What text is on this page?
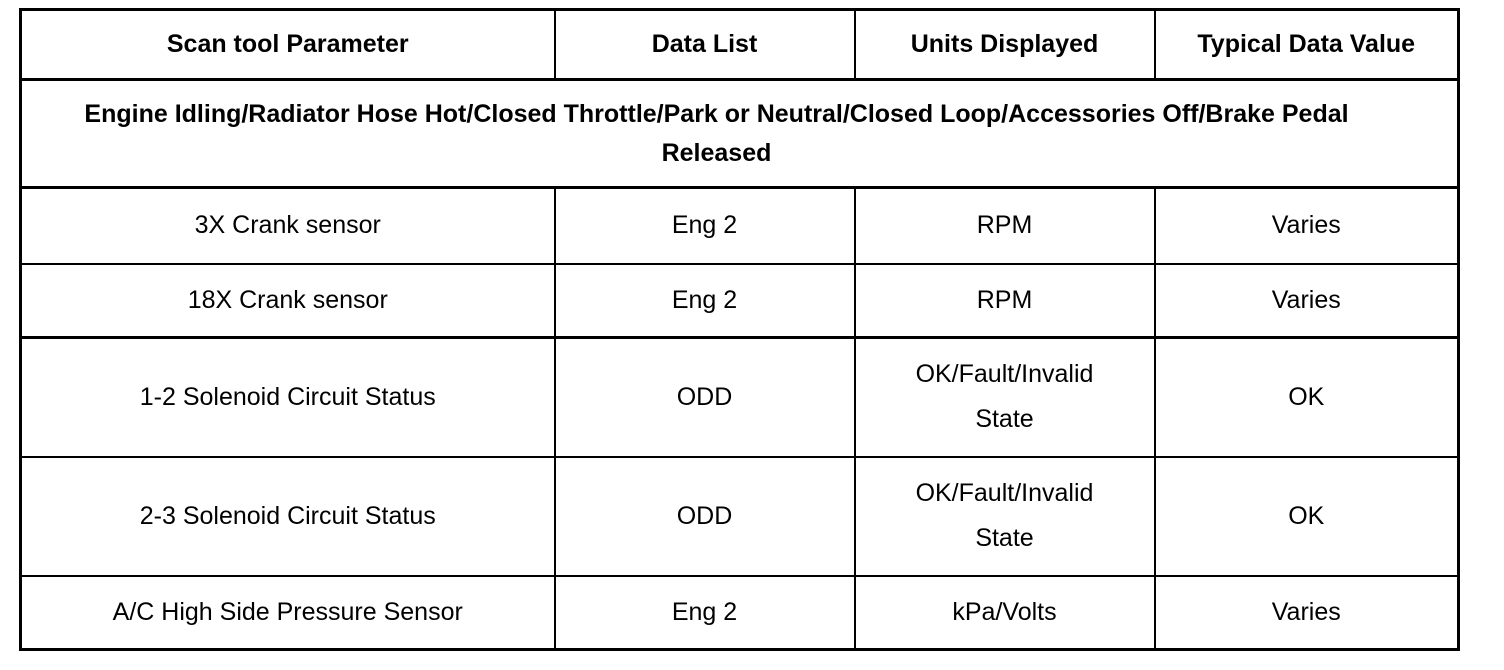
Scan tool Parameter	Data List	Units Displayed	Typical Data Value
Engine Idling/Radiator Hose Hot/Closed Throttle/Park or Neutral/Closed Loop/Accessories Off/Brake Pedal Released			
3X Crank sensor	Eng 2	RPM	Varies
18X Crank sensor	Eng 2	RPM	Varies
1-2 Solenoid Circuit Status	ODD	OK/Fault/Invalid State	OK
2-3 Solenoid Circuit Status	ODD	OK/Fault/Invalid State	OK
A/C High Side Pressure Sensor	Eng 2	kPa/Volts	Varies
